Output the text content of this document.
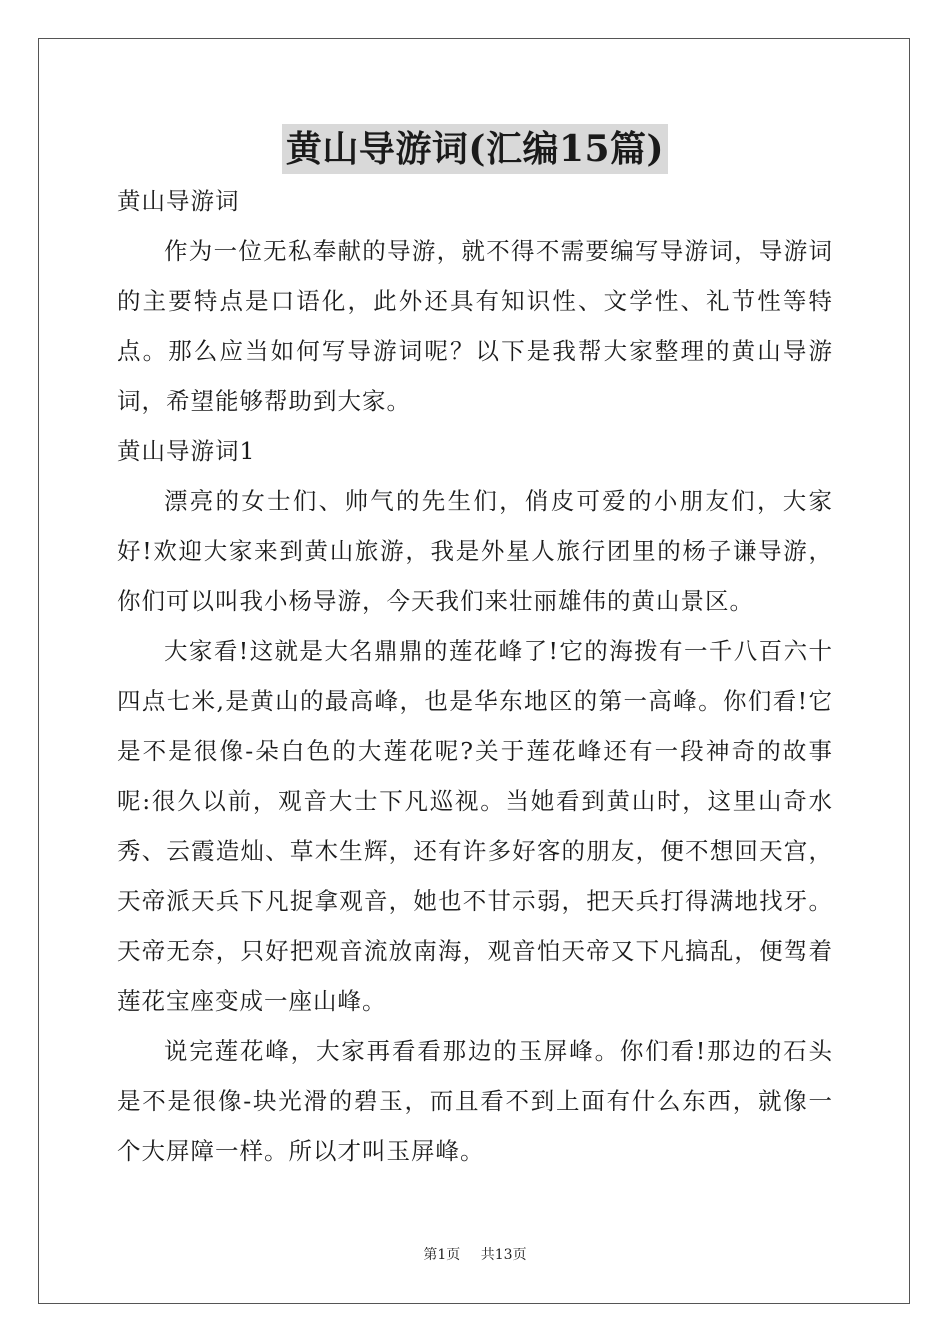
黄山导游词(汇编15篇)

黄山导游词

作为一位无私奉献的导游，就不得不需要编写导游词，导游词的主要特点是口语化，此外还具有知识性、文学性、礼节性等特点。那么应当如何写导游词呢？以下是我帮大家整理的黄山导游词，希望能够帮助到大家。

黄山导游词1

漂亮的女士们、帅气的先生们，俏皮可爱的小朋友们，大家好!欢迎大家来到黄山旅游，我是外星人旅行团里的杨子谦导游，你们可以叫我小杨导游，今天我们来壮丽雄伟的黄山景区。

大家看!这就是大名鼎鼎的莲花峰了!它的海拨有一千八百六十四点七米,是黄山的最高峰，也是华东地区的第一高峰。你们看!它是不是很像-朵白色的大莲花呢?关于莲花峰还有一段神奇的故事呢:很久以前，观音大士下凡巡视。当她看到黄山时，这里山奇水秀、云霞造灿、草木生辉，还有许多好客的朋友，便不想回天宫，天帝派天兵下凡捉拿观音，她也不甘示弱，把天兵打得满地找牙。天帝无奈，只好把观音流放南海，观音怕天帝又下凡搞乱，便驾着莲花宝座变成一座山峰。

说完莲花峰，大家再看看那边的玉屏峰。你们看!那边的石头是不是很像-块光滑的碧玉，而且看不到上面有什么东西，就像一个大屏障一样。所以才叫玉屏峰。

第1页 共13页
